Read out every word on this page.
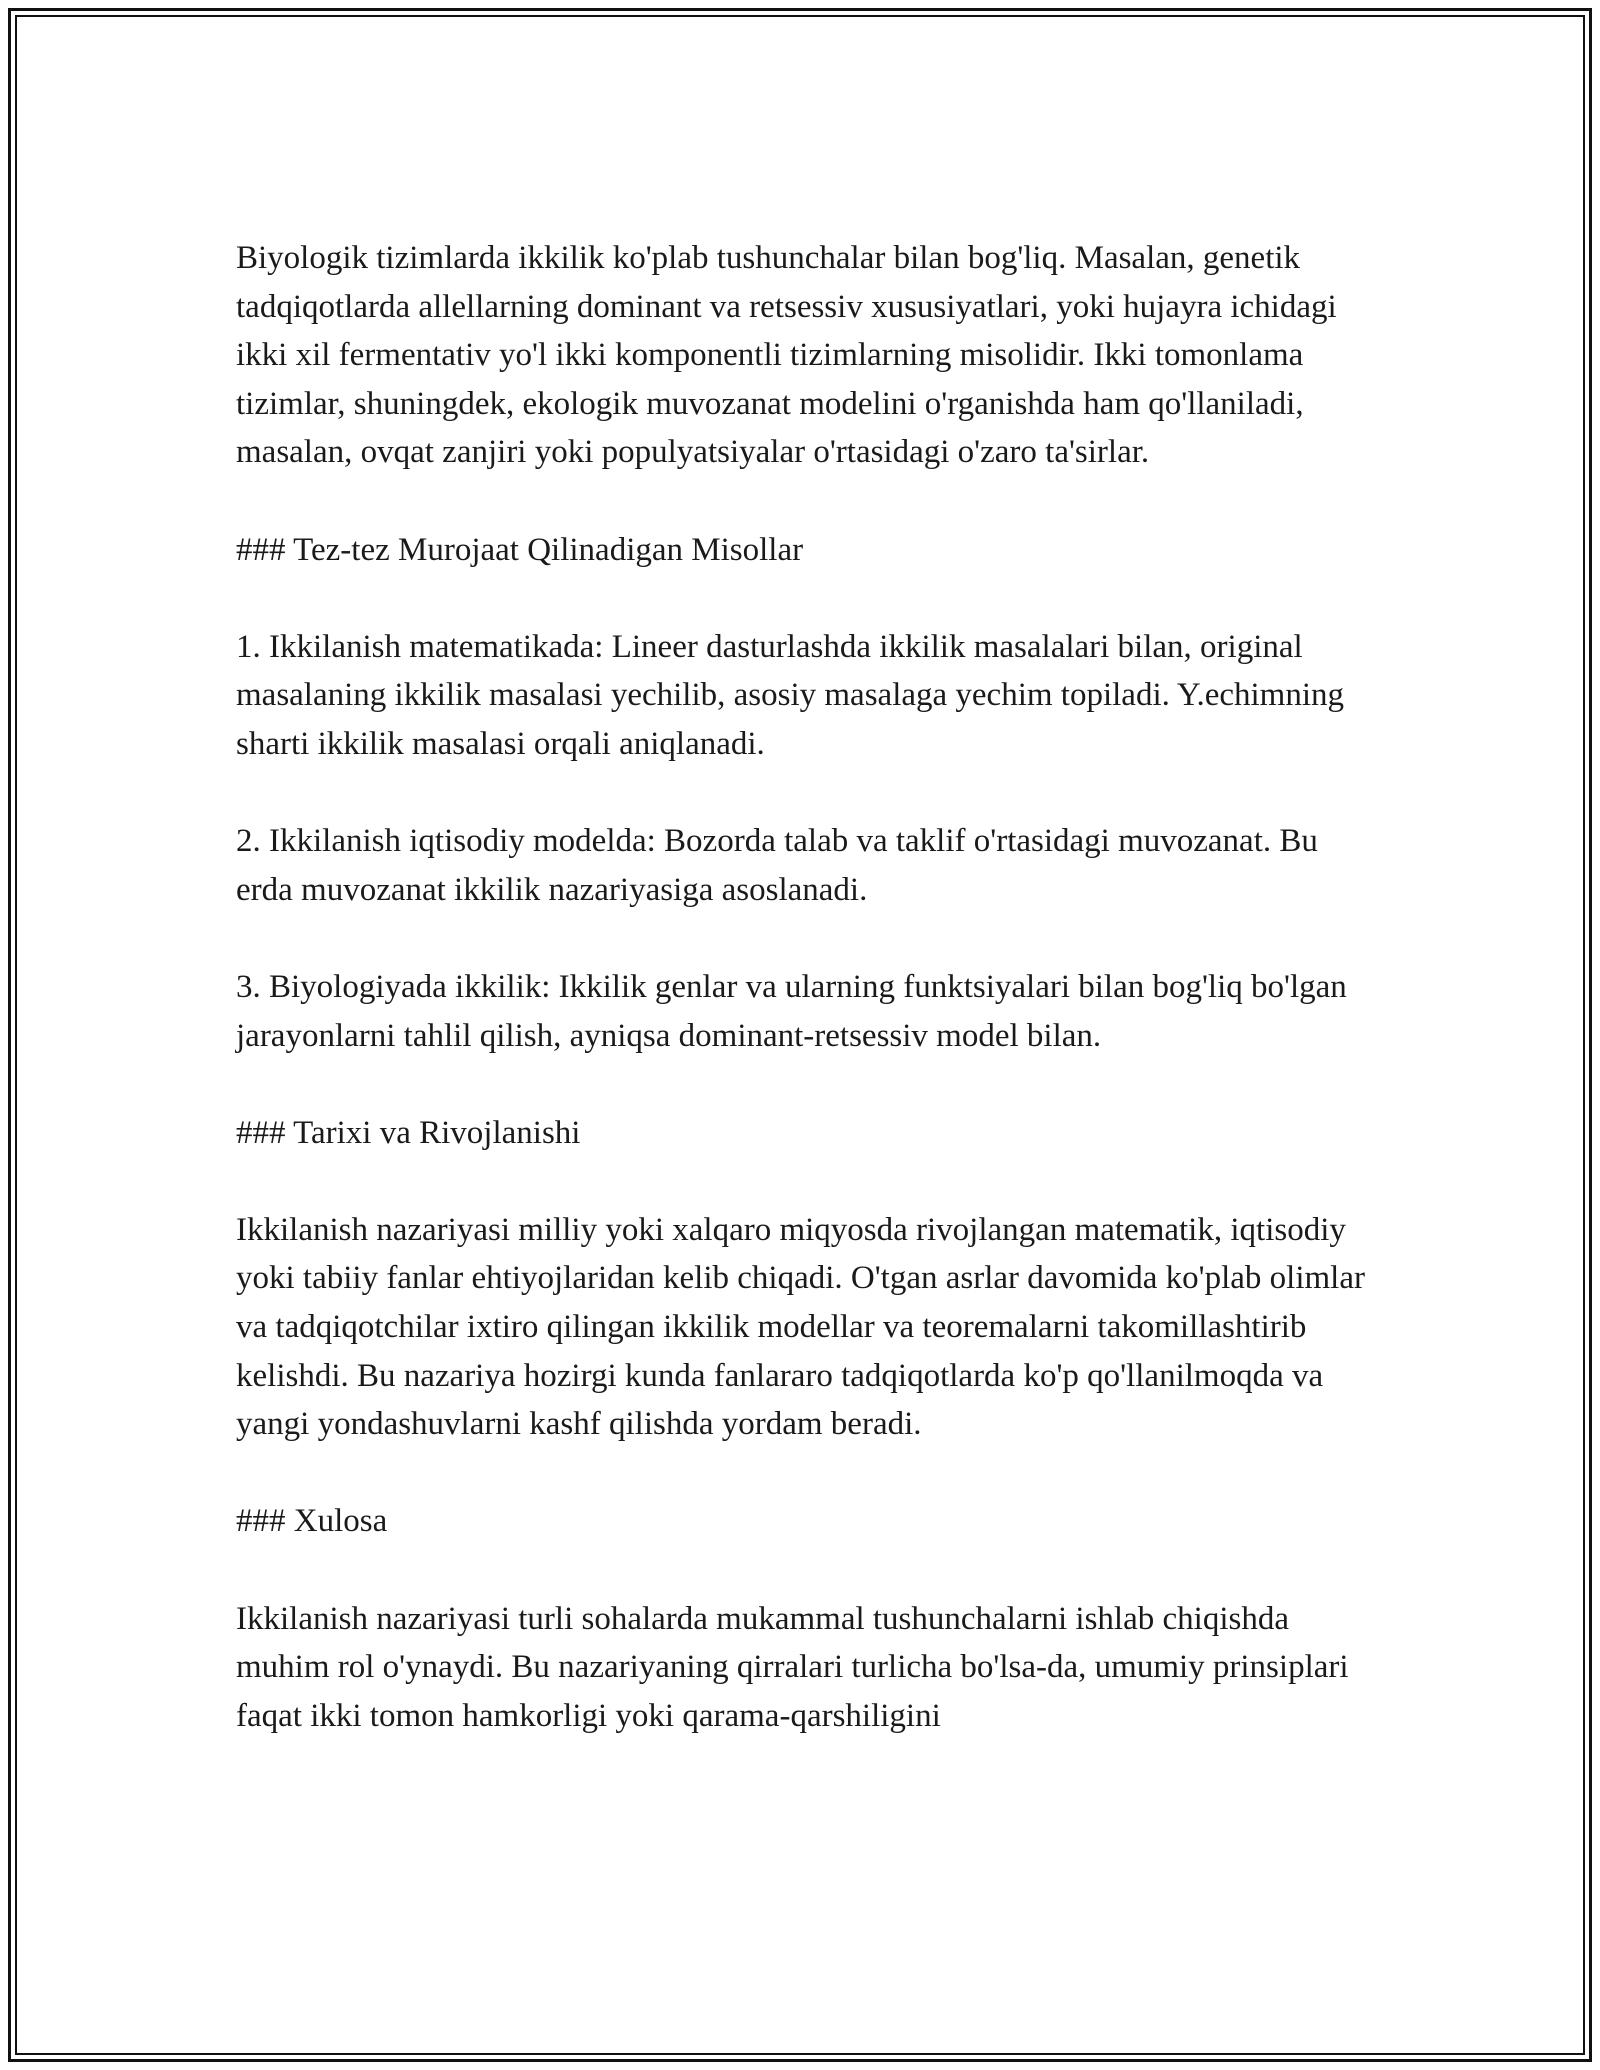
Biyologik tizimlarda ikkilik ko'plab tushunchalar bilan bog'liq. Masalan, genetik tadqiqotlarda allellarning dominant va retsessiv xususiyatlari, yoki hujayra ichidagi ikki xil fermentativ yo'l ikki komponentli tizimlarning misolidir. Ikki tomonlama tizimlar, shuningdek, ekologik muvozanat modelini o'rganishda ham qo'llaniladi, masalan, ovqat zanjiri yoki populyatsiyalar o'rtasidagi o'zaro ta'sirlar.

### Tez-tez Murojaat Qilinadigan Misollar

1. Ikkilanish matematikada: Lineer dasturlashda ikkilik masalalari bilan, original masalaning ikkilik masalasi yechilib, asosiy masalaga yechim topiladi. Y.echimning sharti ikkilik masalasi orqali aniqlanadi.

2. Ikkilanish iqtisodiy modelda: Bozorda talab va taklif o'rtasidagi muvozanat. Bu erda muvozanat ikkilik nazariyasiga asoslanadi.

3. Biyologiyada ikkilik: Ikkilik genlar va ularning funktsiyalari bilan bog'liq bo'lgan jarayonlarni tahlil qilish, ayniqsa dominant-retsessiv model bilan.

### Tarixi va Rivojlanishi

Ikkilanish nazariyasi milliy yoki xalqaro miqyosda rivojlangan matematik, iqtisodiy yoki tabiiy fanlar ehtiyojlaridan kelib chiqadi. O'tgan asrlar davomida ko'plab olimlar va tadqiqotchilar ixtiro qilingan ikkilik modellar va teoremalarni takomillashtirib kelishdi. Bu nazariya hozirgi kunda fanlararo tadqiqotlarda ko'p qo'llanilmoqda va yangi yondashuvlarni kashf qilishda yordam beradi.

### Xulosa

Ikkilanish nazariyasi turli sohalarda mukammal tushunchalarni ishlab chiqishda muhim rol o'ynaydi. Bu nazariyaning qirralari turlicha bo'lsa-da, umumiy prinsiplari faqat ikki tomon hamkorligi yoki qarama-qarshiligini
